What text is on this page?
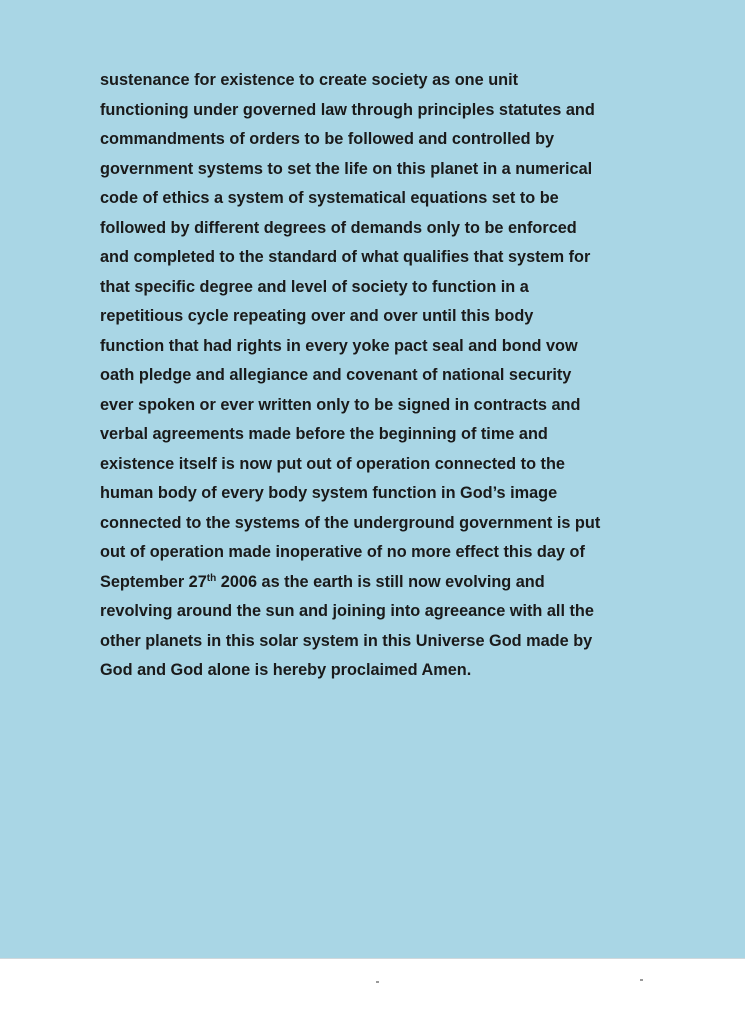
sustenance for existence to create society as one unit
functioning under governed law through principles statutes and
commandments of orders to be followed and controlled by
government systems to set the life on this planet in a numerical
code of ethics a system of systematical equations set to be
followed by different degrees of demands only to be enforced
and completed to the standard of what qualifies that system for
that specific degree and level of society to function in a
repetitious cycle repeating over and over until this body
function that had rights in every yoke pact seal and bond vow
oath pledge and allegiance and covenant of national security
ever spoken or ever written only to be signed in contracts and
verbal agreements made before the beginning of time and
existence itself is now put out of operation connected to the
human body of every body system function in God’s image
connected to the systems of the underground government is put
out of operation made inoperative of no more effect this day of
September 27th 2006 as the earth is still now evolving and
revolving around the sun and joining into agreeance with all the
other planets in this solar system in this Universe God made by
God and God alone is hereby proclaimed Amen.
